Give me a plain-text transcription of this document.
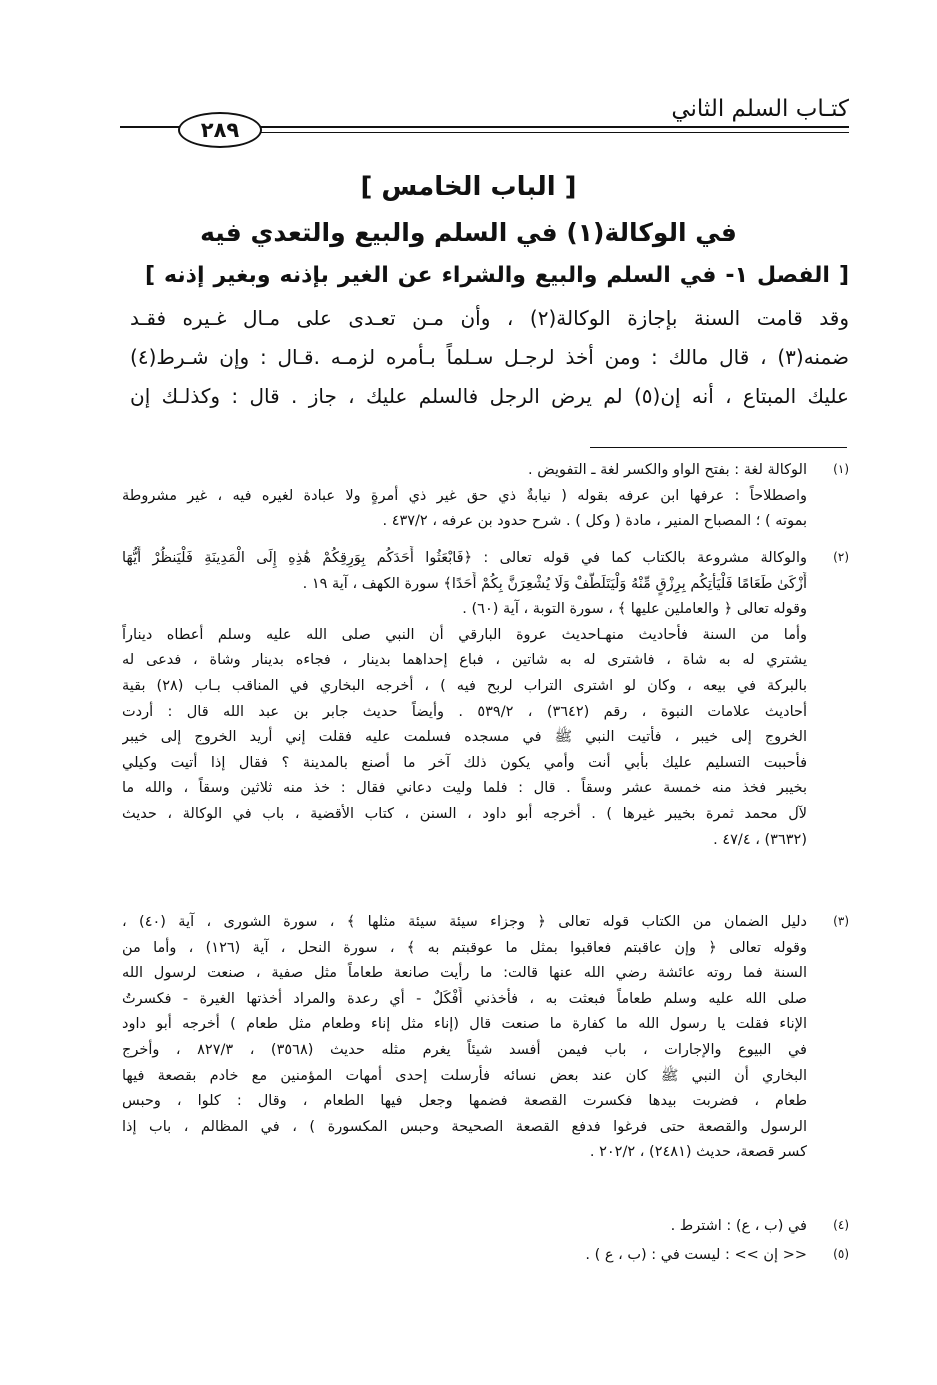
كتـاب السلم الثاني
٢٨٩
[ الباب الخامس ]
في الوكالة(١) في السلم والبيع والتعدي فيه
[ الفصل ١- في السلم والبيع والشراء عن الغير بإذنه وبغير إذنه ]
وقد قامت السنة بإجازة الوكالة(٢) ، وأن مـن تعـدى على مـال غـيره فقـد
ضمنه(٣) ، قال مالك : ومن أخذ لرجـل سـلماً بـأمره لزمـه .قـال : وإن شـرط(٤)
عليك المبتاع ، أنه إن(٥) لم يرض الرجل فالسلم عليك ، جاز . قال : وكذلـك إن
(١)
الوكالة لغة : بفتح الواو والكسر لغة ـ التفويض .
واصطلاحاً : عرفها ابن عرفه بقوله ( نيابةٌ ذي حق غير ذي أمرةٍ ولا عبادة لغيره فيه ، غير مشروطة
بموته ) ؛ المصباح المنير ، مادة ( وكل ) . شرح حدود بن عرفه ، ٤٣٧/٢ .
(٢)
والوكالة مشروعة بالكتاب كما في قوله تعالى : ﴿فَابْعَثُوا أَحَدَكُم بِوَرِقِكُمْ هَٰذِهِ إِلَى الْمَدِينَةِ فَلْيَنظُرْ أَيُّهَا
أَزْكَىٰ طَعَامًا فَلْيَأْتِكُم بِرِزْقٍ مِّنْهُ وَلْيَتَلَطَّفْ وَلَا يُشْعِرَنَّ بِكُمْ أَحَدًا﴾ سورة الكهف ، آية ١٩ .
وقوله تعالى ﴿ والعاملين عليها ﴾ ، سورة التوبة ، آية (٦٠) .
وأما من السنة فأحاديث منهـاحديث عروة البارقي أن النبي صلى الله عليه وسلم أعطاه ديناراً
يشتري له به شاة ، فاشترى له به شاتين ، فباع إحداهما بدينار ، فجاءه بدينار وشاة ، فدعى له
بالبركة في بيعه ، وكان لو اشترى التراب لربح فيه ) ، أخرجه البخاري في المناقب بـاب (٢٨) بقية
أحاديث علامات النبوة ، رقم (٣٦٤٢) ، ٥٣٩/٢ . وأيضاً حديث جابر بن عبد الله قال : أردت
الخروج إلى خيبر ، فأتيت النبي ﷺ في مسجده فسلمت عليه فقلت إني أريد الخروج إلى خيبر
فأحببت التسليم عليك بأبي أنت وأمي يكون ذلك آخر ما أصنع بالمدينة ؟ فقال إذا أتيت وكيلي
بخيبر فخذ منه خمسة عشر وسقاً . قال : فلما وليت دعاني فقال : خذ منه ثلاثين وسقاً ، والله ما
لآل محمد ثمرة بخيبر غيرها ) . أخرجه أبو داود ، السنن ، كتاب الأقضية ، باب في الوكالة ، حديث
(٣٦٣٢) ، ٤٧/٤ .
(٣)
دليل الضمان من الكتاب قوله تعالى ﴿ وجزاء سيئة سيئة مثلها ﴾ ، سورة الشورى ، آية (٤٠) ،
وقوله تعالى ﴿ وإن عاقبتم فعاقبوا بمثل ما عوقبتم به ﴾ ، سورة النحل ، آية (١٢٦) ، وأما من
السنة فما روته عائشة رضي الله عنها قالت: ما رأيت صانعة طعاماً مثل صفية ، صنعت لرسول الله
صلى الله عليه وسلم طعاماً فبعثت به ، فأخذني أَفْكَلٌ - أي رعدة والمراد أخذتها الغيرة - فكسرتُ
الإناء فقلت يا رسول الله ما كفارة ما صنعت قال (إناء مثل إناء وطعام مثل طعام ) أخرجه أبو داود
في البيوع والإجارات ، باب فيمن أفسد شيئاً يغرم مثله حديث (٣٥٦٨) ، ٨٢٧/٣ ، وأخرج
البخاري أن النبي ﷺ كان عند بعض نسائه فأرسلت إحدى أمهات المؤمنين مع خادم بقصعة فيها
طعام ، فضربت بيدها فكسرت القصعة فضمها وجعل فيها الطعام ، وقال : كلوا ، وحبس
الرسول والقصعة حتى فرغوا فدفع القصعة الصحيحة وحبس المكسورة ) ، في المظالم ، باب إذا
كسر قصعة، حديث (٢٤٨١) ، ٢٠٢/٢ .
(٤)
في (ب ، ع) : اشترط .
(٥)
<< إن >> : ليست في : (ب ، ع ) .
